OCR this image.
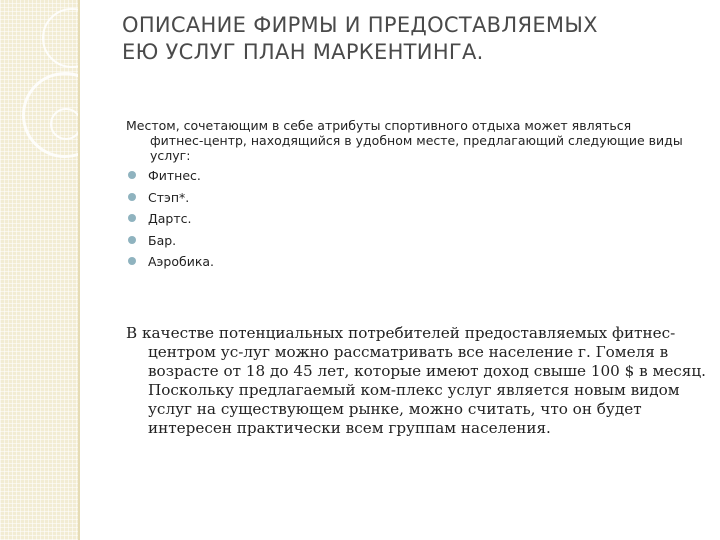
ОПИСАНИЕ ФИРМЫ И ПРЕДОСТАВЛЯЕМЫХ
ЕЮ УСЛУГ ПЛАН МАРКЕНТИНГА.
Местом, сочетающим в себе атрибуты спортивного отдыха может являться фитнес-центр, находящийся в удобном месте, предлагающий следующие виды услуг:
Фитнес.
Стэп*.
Дартс.
Бар.
Аэробика.
В качестве потенциальных потребителей предоставляемых фитнес-центром ус-луг можно рассматривать все население г. Гомеля в возрасте от 18 до 45 лет, которые имеют доход свыше 100 $ в месяц. Поскольку предлагаемый ком-плекс услуг является новым видом услуг на существующем рынке, можно считать, что он будет интересен практически всем группам населения.
